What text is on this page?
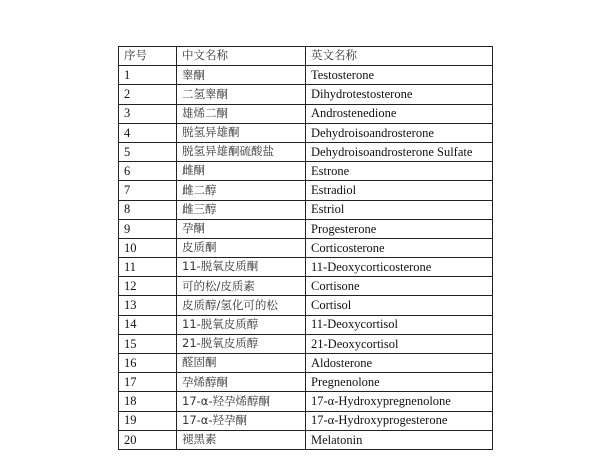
序号	中文名称	英文名称
1	睾酮	Testosterone
2	二氢睾酮	Dihydrotestosterone
3	雄烯二酮	Androstenedione
4	脱氢异雄酮	Dehydroisoandrosterone
5	脱氢异雄酮硫酸盐	Dehydroisoandrosterone Sulfate
6	雌酮	Estrone
7	雌二醇	Estradiol
8	雌三醇	Estriol
9	孕酮	Progesterone
10	皮质酮	Corticosterone
11	11-脱氧皮质酮	11-Deoxycorticosterone
12	可的松/皮质素	Cortisone
13	皮质醇/氢化可的松	Cortisol
14	11-脱氧皮质醇	11-Deoxycortisol
15	21-脱氧皮质醇	21-Deoxycortisol
16	醛固酮	Aldosterone
17	孕烯醇酮	Pregnenolone
18	17-α-羟孕烯醇酮	17-α-Hydroxypregnenolone
19	17-α-羟孕酮	17-α-Hydroxyprogesterone
20	褪黑素	Melatonin
